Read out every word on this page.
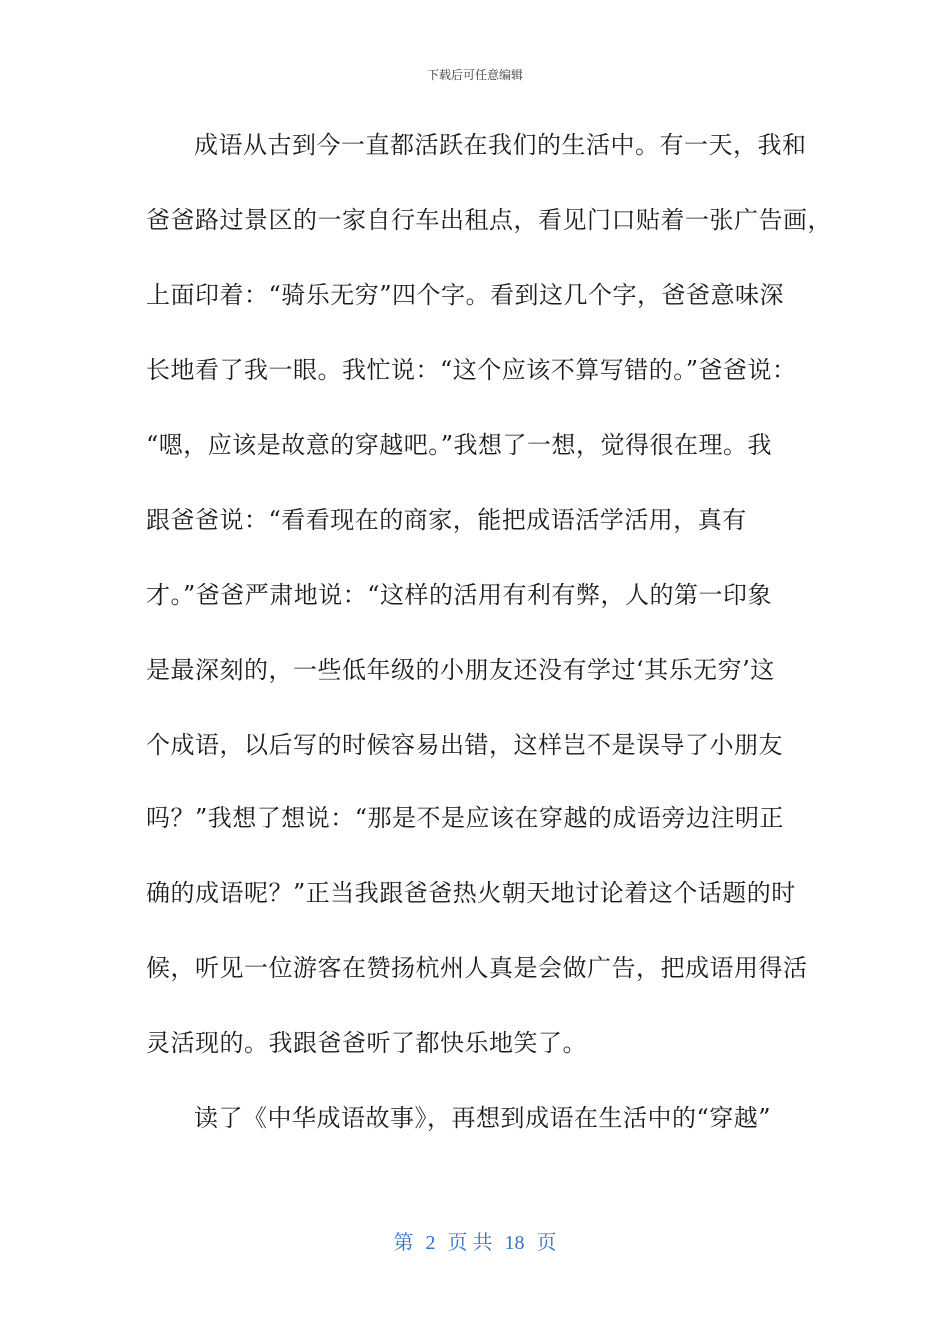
下载后可任意编辑
成语从古到今一直都活跃在我们的生活中。有一天，我和
爸爸路过景区的一家自行车出租点，看见门口贴着一张广告画，
上面印着：“骑乐无穷”四个字。看到这几个字，爸爸意味深
长地看了我一眼。我忙说：“这个应该不算写错的。”爸爸说：
“嗯，应该是故意的穿越吧。”我想了一想，觉得很在理。我
跟爸爸说：“看看现在的商家，能把成语活学活用，真有
才。”爸爸严肃地说：“这样的活用有利有弊，人的第一印象
是最深刻的，一些低年级的小朋友还没有学过‘其乐无穷’这
个成语，以后写的时候容易出错，这样岂不是误导了小朋友
吗？”我想了想说：“那是不是应该在穿越的成语旁边注明正
确的成语呢？”正当我跟爸爸热火朝天地讨论着这个话题的时
候，听见一位游客在赞扬杭州人真是会做广告，把成语用得活
灵活现的。我跟爸爸听了都快乐地笑了。
读了《中华成语故事》，再想到成语在生活中的“穿越”
第 2 页 共 18 页
